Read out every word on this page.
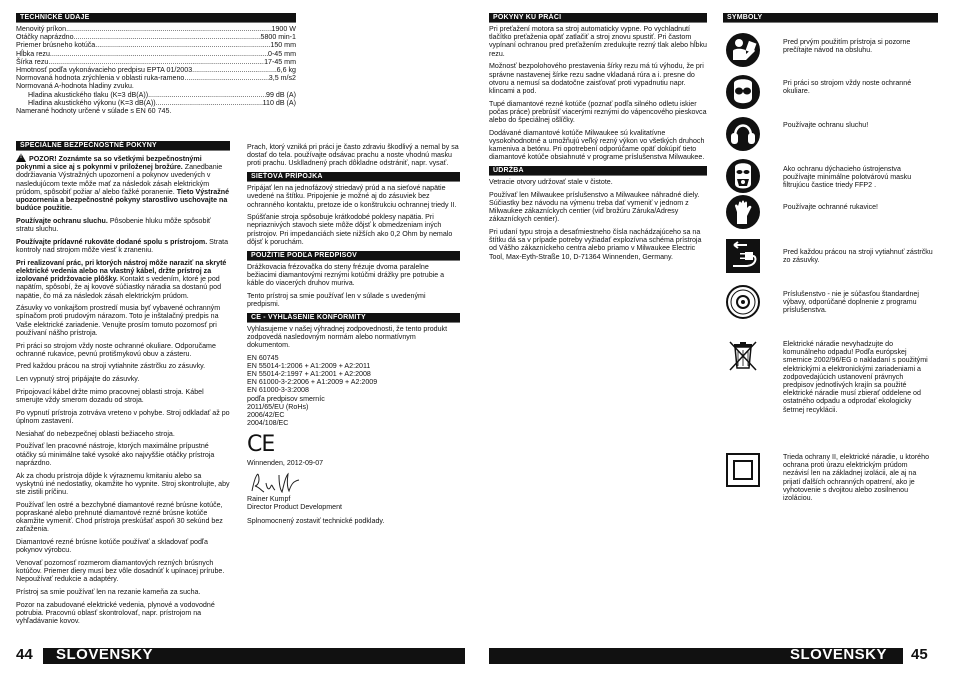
TECHNICKÉ ÚDAJE
Menovitý príkon .....	1900 W
Otáčky naprázdno .....	5800 min-1
Priemer brúsneho kotúča .....	150 mm
Hĺbka rezu .....	0-45 mm
Šírka rezu .....	17-45 mm
Hmotnosť podľa vykonávacieho predpisu EPTA 01/2003 .....	6,6 kg
Normovaná hodnota zrýchlenia v oblasti ruka-rameno. .....	3,5 m/s2
Normovaná A-hodnota hladiny zvuku.
Hladina akustického tlaku (K=3 dB(A)) .....	99 dB (A)
Hladina akustického výkonu (K=3 dB(A)) .....	110 dB (A)
Namerané hodnoty určené v súlade s EN 60 745.
ŠPECIÁLNE BEZPEČNOSTNÉ POKYNY

!POZOR! Zoznámte sa so všetkými bezpečnostnými pokynmi a sice aj s pokynmi v priloženej brožúre. Zanedbanie dodržiavania Výstražných upozornení a pokynov uvedených v nasledujúcom texte môže mať za následok zásah elektrickým prúdom, spôsobiť požiar a/ alebo ťažké poranenie. Tieto Výstražné upozornenia a bezpečnostné pokyny starostlivo uschovajte na budúce použitie.

Používajte ochranu sluchu. Pôsobenie hluku môže spôsobiť stratu sluchu.

Používajte prídavné rukoväte dodané spolu s prístrojom. Strata kontroly nad strojom môže viesť k zraneniu.

Pri realizovaní prác, pri ktorých nástroj môže naraziť na skryté elektrické vedenia alebo na vlastný kábel, držte prístroj za izolované pridržovacie plôšky. Kontakt s vedením, ktoré je pod napätím, spôsobí, že aj kovové súčiastky náradia sa dostanú pod napätie, čo má za následok zásah elektrickým prúdom.

Zásuvky vo vonkajšom prostredí musia byť vybavené ochranným spínačom proti prudovým nárazom. Toto je inštalačný predpis na Vaše elektrické zariadenie. Venujte prosím tomuto pozornosť pri používaní nášho prístroja.

Pri práci so strojom vždy noste ochranné okuliare. Odporučame ochranné rukavice, pevnú protišmykovú obuv a zásteru.

Pred každou prácou na stroji vytiahnite zástrčku zo zásuvky.

Len vypnutý stroj pripájajte do zásuvky.

Pripojovací kábel držte mimo pracovnej oblasti stroja. Kábel smerujte vždy smerom dozadu od stroja.

Po vypnutí prístroja zotrváva vreteno v pohybe. Stroj odkladať až po úplnom zastavení.

Nesiahať do nebezpečnej oblasti bežiaceho stroja.

Používať len pracovné nástroje, ktorých maximálne prípustné otáčky sú minimálne také vysoké ako najvyššie otáčky prístroja naprázdno.

Ak za chodu prístroja dôjde k výraznemu kmitaniu alebo sa vyskytnú iné nedostatky, okamžite ho vypnite. Stroj skontrolujte, aby ste zistili príčinu.

Používať len ostré a bezchybné diamantové rezné brúsne kotúče, popraskané alebo prehnuté diamantové rezné brúsne kotúče okamžite vymeniť. Chod prístroja preskúšať aspoň 30 sekúnd bez zaťaženia.

Diamantové rezné brúsne kotúče používať a skladovať podľa pokynov výrobcu.

Venovať pozornosť rozmerom diamantových rezných brúsnych kotúčov. Priemer diery musí bez vôle dosadnúť k upínacej prírube. Nepoužívať redukcie a adaptéry.

Prístroj sa smie používať len na rezanie kameňa za sucha.

Pozor na zabudované elektrické vedenia, plynové a vodovodné potrubia. Pracovnú oblasť skontrolovať, napr. prístrojom na vyhľadávanie kovov.

Prach, ktorý vzniká pri práci je často zdraviu škodlivý a nemal by sa dostať do tela. používajte odsávac prachu a noste vhodnú masku proti prachu. Usklladnený prach dôkladne odstrániť, napr. vysať.

SIEŤOVÁ PRÍPOJKA

Pripájať len na jednofázový striedavý prúd a na sieťové napätie uvedené na štítku. Pripojenie je možné aj do zásuviek bez ochranného kontaktu, pretoze ide o konštrukciu ochrannej triedy II.

Spúšťanie stroja spôsobuje krátkodobé poklesy napätia. Pri nepriaznivých stavoch siete môže dôjsť k obmedzeniam iných prístrojov. Pri impedanciách siete nižších ako 0,2 Ohm by nemalo dôjsť k poruchám.

POUŽITIE PODĽA PREDPISOV

Drážkovacia frézovačka do steny frézuje dvoma paralelne bežiacimi diamantovými reznými kotúčmi drážky pre potrubie a káble do viacerých druhov muriva.

Tento prístroj sa smie používať len v súlade s uvedenými predpismi.

CE - VYHLÁSENIE KONFORMITY

Vyhlasujeme v našej výhradnej zodpovednosti, že tento produkt zodpovedá nasledovným normám alebo normatívnym dokumentom.

EN 60745
EN 55014-1:2006 + A1:2009 + A2:2011
EN 55014-2:1997 + A1:2001 + A2:2008
EN 61000-3-2:2006 + A1:2009 + A2:2009
EN 61000-3-3:2008
podľa predpisov smerníc
2011/65/EU (RoHs)
2006/42/EC
2004/108/EC
CE
Winnenden, 2012-09-07
Rainer Kumpf
Director Product Development
Splnomocnený zostaviť technické podklady.
44 SLOVENSKY
POKYNY KU PRÁCI

Pri preťažení motora sa stroj automaticky vypne. Po vychladnutí tlačítko preťaženia opäť zatlačiť a stroj znovu spustiť. Pri častom vypínaní ochranou pred preťažením zredukujte rezný tlak alebo hĺbku rezu.

Možnosť bezpolohového prestavenia šírky rezu má tú výhodu, že pri správne nastavenej šírke rezu sadne vkladaná rúra a i. presne do otvoru a nemusí sa dodatočne zaisťovať proti vypadnutiu napr. klincami a pod.

Tupé diamantové rezné kotúče (poznať podľa silného odletu iskier počas práce) prebrúsiť viacerými reznými do vápencového pieskovca alebo do špeciálnej ošlíčky.

Dodávané diamantové kotúče Milwaukee sú kvalitatívne vysokohodnotné a umožňujú veľký rezný výkon vo všetkých druhoch kameniva a betónu. Pri opotrebení odporúčame opäť dokúpiť tieto diamantové kotúče obsiahnuté v programe príslušenstva Milwaukee.

ÚDRŽBA

Vetracie otvory udržovať stale v čistote.

Používať len Milwaukee príslušenstvo a Milwaukee náhradné diely. Súčiastky bez návodu na výmenu treba dať vymeniť v jednom z Milwaukee zákazníckych centier (viď brožúru Záruka/Adresy zákazníckych centier).

Pri udaní typu stroja a desaťmiestneho čísla nachádzajúceho sa na štítku dá sa v prípade potreby vyžiadať explozívna schéma prístroja od Vášho zákazníckeho centra alebo priamo v Milwaukee Electric Tool, Max-Eyth-Straße 10, D-71364 Winnenden, Germany.

SYMBOLY
Pred prvým použitím prístroja si pozorne prečítajte návod na obsluhu.
Pri práci so strojom vždy noste ochranné okuliare.
Používajte ochranu sluchu!
Ako ochranu dýchacieho ústrojenstva používajte minimálne polotvárovú masku filtrujúcu častice triedy FFP2 .
Používajte ochranné rukavice!
Pred každou prácou na stroji vytiahnuť zástrčku zo zásuvky.
Príslušenstvo - nie je súčasťou štandardnej výbavy, odporúčané doplnenie z programu príslušenstva.
Elektrické náradie nevyhadzujte do komunálneho odpadu! Podľa európskej smernice 2002/96/EG o nakladaní s použitými elektrickými a elektronickými zariadeniami a zodpovedajúcich ustanovení právnych predpisov jednotlivých krajín sa použité elektrické náradie musí zbierať oddelene od ostatného odpadu a odprodať ekologicky šetrnej recyklácii.
Trieda ochrany II, elektrické náradie, u ktorého ochrana proti úrazu elektrickým prúdom nezávisí len na základnej izolácii, ale aj na prijatí ďalších ochranných opatrení, ako je vyhotovenie s dvojitou alebo zosilnenou izoláciou.
SLOVENSKY 45
